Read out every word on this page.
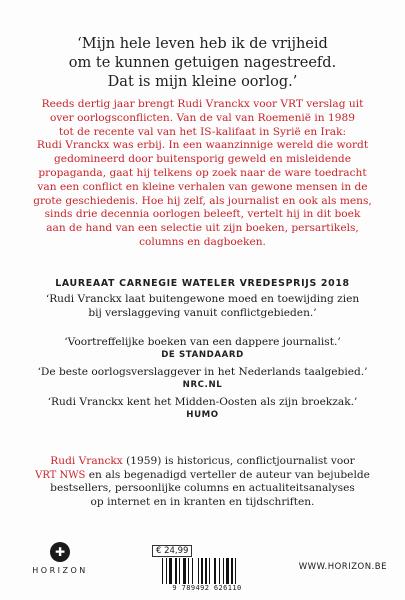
‘Mijn hele leven heb ik de vrijheid
om te kunnen getuigen nagestreefd.
Dat is mijn kleine oorlog.’
Reeds dertig jaar brengt Rudi Vranckx voor VRT verslag uit
over oorlogsconflicten. Van de val van Roemenië in 1989
tot de recente val van het IS-kalifaat in Syrië en Irak:
Rudi Vranckx was erbij. In een waanzinnige wereld die wordt
gedomineerd door buitensporig geweld en misleidende
propaganda, gaat hij telkens op zoek naar de ware toedracht
van een conflict en kleine verhalen van gewone mensen in de
grote geschiedenis. Hoe hij zelf, als journalist en ook als mens,
sinds drie decennia oorlogen beleeft, vertelt hij in dit boek
aan de hand van een selectie uit zijn boeken, persartikels,
columns en dagboeken.
LAUREAAT CARNEGIE WATELER VREDESPRIJS 2018
‘Rudi Vranckx laat buitengewone moed en toewijding zien
bij verslaggeving vanuit conflictgebieden.’
‘Voortreffelijke boeken van een dappere journalist.’
DE STANDAARD
‘De beste oorlogsverslaggever in het Nederlands taalgebied.’
NRC.NL
‘Rudi Vranckx kent het Midden-Oosten als zijn broekzak.’
HUMO
Rudi Vranckx (1959) is historicus, conflictjournalist voor
VRT NWS en als begenadigd verteller de auteur van bejubelde
bestsellers, persoonlijke columns en actualiteitsanalyses
op internet en in kranten en tijdschriften.
✚
HORIZON
€ 24,99
9 789492 626110
WWW.HORIZON.BE
